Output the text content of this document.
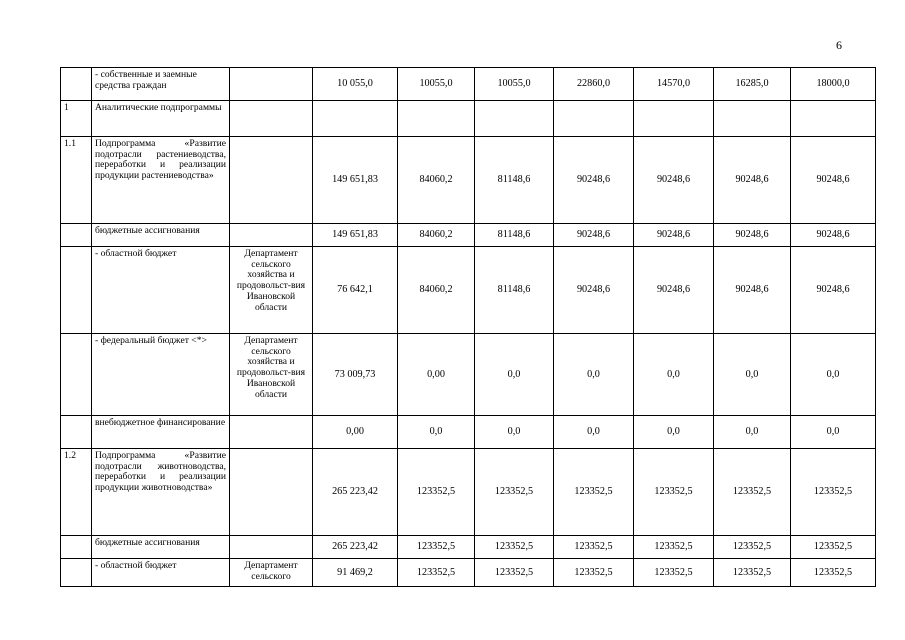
6
	- собственные и заемные средства граждан		10 055,0	10055,0	10055,0	22860,0	14570,0	16285,0	18000,0
1	Аналитические подпрограммы								
1.1	Подпрограмма «Развитие подотрасли растениеводства, переработки и реализации продукции растениеводства»		149 651,83	84060,2	81148,6	90248,6	90248,6	90248,6	90248,6
	бюджетные ассигнования		149 651,83	84060,2	81148,6	90248,6	90248,6	90248,6	90248,6
	- областной бюджет	Департамент сельского хозяйства и продовольст-вия Ивановской области	76 642,1	84060,2	81148,6	90248,6	90248,6	90248,6	90248,6
	- федеральный бюджет <*>	Департамент сельского хозяйства и продовольст-вия Ивановской области	73 009,73	0,00	0,0	0,0	0,0	0,0	0,0
	внебюджетное финансирование		0,00	0,0	0,0	0,0	0,0	0,0	0,0
1.2	Подпрограмма «Развитие подотрасли животноводства, переработки и реализации продукции животноводства»		265 223,42	123352,5	123352,5	123352,5	123352,5	123352,5	123352,5
	бюджетные ассигнования		265 223,42	123352,5	123352,5	123352,5	123352,5	123352,5	123352,5
	- областной бюджет	Департамент сельского	91 469,2	123352,5	123352,5	123352,5	123352,5	123352,5	123352,5
